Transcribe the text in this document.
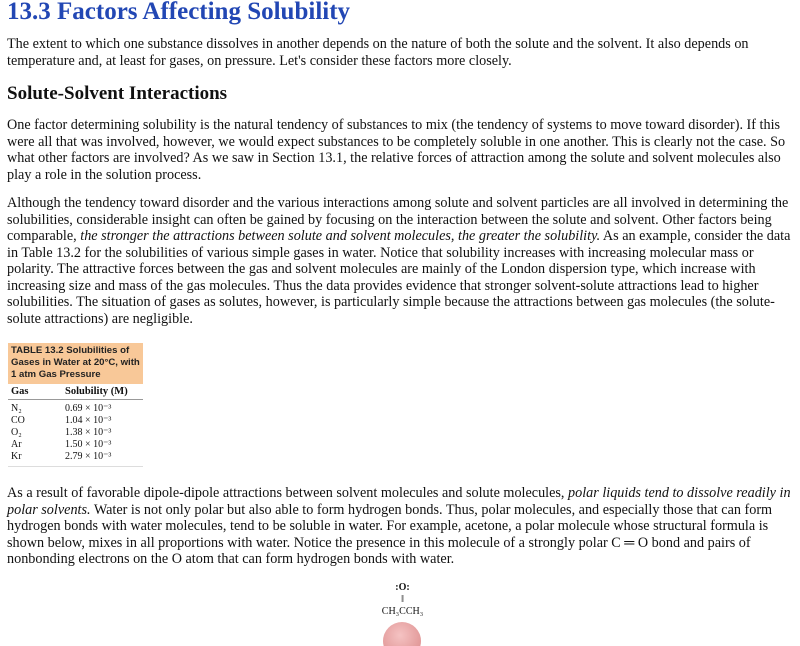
13.3 Factors Affecting Solubility

The extent to which one substance dissolves in another depends on the nature of both the solute and the solvent. It also depends on temperature and, at least for gases, on pressure. Let's consider these factors more closely.

Solute-Solvent Interactions

One factor determining solubility is the natural tendency of substances to mix (the tendency of systems to move toward disorder). If this were all that was involved, however, we would expect substances to be completely soluble in one another. This is clearly not the case. So what other factors are involved? As we saw in Section 13.1, the relative forces of attraction among the solute and solvent molecules also play a role in the solution process.

Although the tendency toward disorder and the various interactions among solute and solvent particles are all involved in determining the solubilities, considerable insight can often be gained by focusing on the interaction between the solute and solvent. Other factors being comparable, the stronger the attractions between solute and solvent molecules, the greater the solubility. As an example, consider the data in Table 13.2 for the solubilities of various simple gases in water. Notice that solubility increases with increasing molecular mass or polarity. The attractive forces between the gas and solvent molecules are mainly of the London dispersion type, which increase with increasing size and mass of the gas molecules. Thus the data provides evidence that stronger solvent-solute attractions lead to higher solubilities. The situation of gases as solutes, however, is particularly simple because the attractions between gas molecules (the solute-solute attractions) are negligible.

TABLE 13.2 Solubilities of Gases in Water at 20°C, with 1 atm Gas Pressure
Gas	Solubility (M)
N₂	0.69 × 10⁻³
CO	1.04 × 10⁻³
O₂	1.38 × 10⁻³
Ar	1.50 × 10⁻³
Kr	2.79 × 10⁻³

As a result of favorable dipole-dipole attractions between solvent molecules and solute molecules, polar liquids tend to dissolve readily in polar solvents. Water is not only polar but also able to form hydrogen bonds. Thus, polar molecules, and especially those that can form hydrogen bonds with water molecules, tend to be soluble in water. For example, acetone, a polar molecule whose structural formula is shown below, mixes in all proportions with water. Notice the presence in this molecule of a strongly polar C ═ O bond and pairs of nonbonding electrons on the O atom that can form hydrogen bonds with water.

:O:
‖
CH₃CCH₃
